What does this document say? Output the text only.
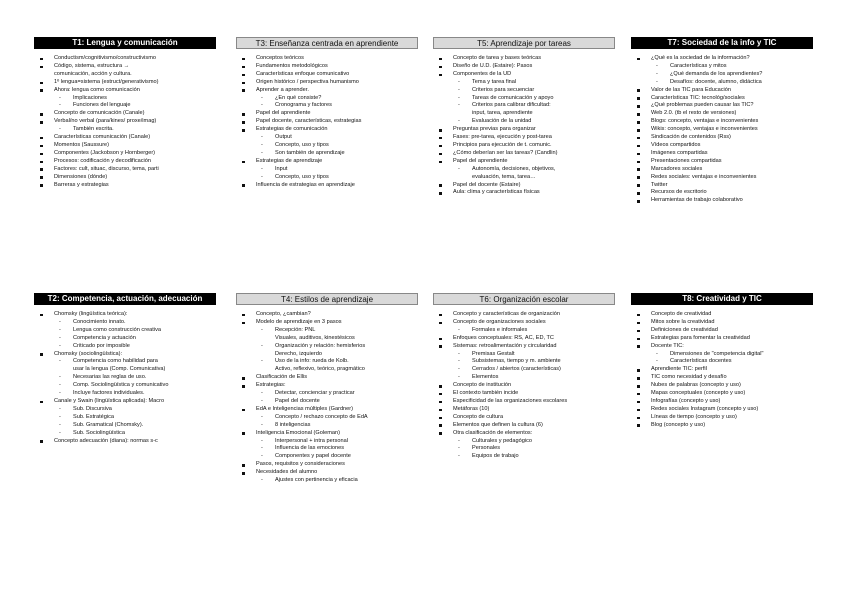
T1: Lengua y comunicación
Conductism/cognitivismo/constructivismo
Código, sistema, estructura →
comunicación, acción y cultura.
1º lengua=sistema (estruct/generativismo)
Ahora: lengua como comunicación
- Implicaciones
- Funciones del lenguaje
Concepto de comunicación (Canale)
Verbal/no verbal (para/kines/ proxe/imag)
- También escrita.
Características comunicación (Canale)
Momentos (Saussure)
Componentes (Jackobson y Hornberger)
Procesos: codificación y decodificación
Factores: cult, situac, discurso, tema, parti
Dimensiones (dónde)
Barreras y estrategias
T3: Enseñanza centrada en aprendiente
Conceptos teóricos
Fundamentos metodológicos
Características enfoque comunicativo
Origen histórico / perspectiva humanismo
Aprender a aprender.
- ¿En qué consiste?
- Cronograma y factores
Papel del aprendiente
Papel docente, características, estrategias
Estrategias de comunicación
- Output
- Concepto, uso y tipos
- Son también de aprendizaje
Estrategias de aprendizaje
- Input
- Concepto, uso y tipos
Influencia de estrategias en aprendizaje
T5: Aprendizaje por tareas
Concepto de tarea y bases teóricas
Diseño de U.D. (Estaire): Pasos
Componentes de la UD
- Tema y tarea final
- Criterios para secuenciar
- Tareas de comunicación y apoyo
- Criterios para calibrar dificultad:
input, tarea, aprendiente
- Evaluación de la unidad
Preguntas previas para organizar
Fases: pre-tarea, ejecución y post-tarea
Principios para ejecución de t. comunic.
¿Cómo deberían ser las tareas? (Candlin)
Papel del aprendiente
- Autonomía, decisiones, objetivos,
evaluación, tema, tarea…
Papel del docente (Estaire)
Aula: clima y características físicas
T7: Sociedad de la info y TIC
¿Qué es la sociedad de la información?
- Características y mitos
- ¿Qué demanda de los aprendientes?
- Desafíos: docente, alumno, didáctica
Valor de las TIC para Educación
Características TIC: tecnológ/sociales
¿Qué problemas pueden causar las TIC?
Web 2.0. (tb el resto de versiones)
Blogs: concepto, ventajas e inconvenientes
Wikis: concepto, ventajas e inconvenientes
Sindicación de contenidos (Rss)
Vídeos compartidos
Imágenes compartidas
Presentaciones compartidas
Marcadores sociales
Redes sociales: ventajas e inconvenientes
Twitter
Recursos de escritorio
Herramientas de trabajo colaborativo
T2: Competencia, actuación, adecuación
Chomsky (lingüística teórica):
- Conocimiento innato.
- Lengua como construcción creativa
- Competencia y actuación
- Criticado por imposible
Chomsky (sociolingüística):
- Competencia como habilidad para
usar la lengua (Comp. Comunicativa)
- Necesarias las reglas de uso.
- Comp. Sociolingüística y comunicativo
- Incluye factores individuales.
Canale y Swain (lingüística aplicada): Macro
- Sub. Discursiva
- Sub. Estratégica
- Sub. Gramatical (Chomsky).
- Sub. Sociolingüística
Concepto adecuación (diana): normas s-c
T4: Estilos de aprendizaje
Concepto, ¿cambian?
Modelo de aprendizaje en 3 pasos
- Recepción: PNL
Visuales, auditivos, kinestésicos
- Organización y relación: hemisferios
Derecho, izquierdo
- Uso de la info: rueda de Kolb.
Activo, reflexivo, teórico, pragmático
Clasificación de Ellis
Estrategias:
- Detectar, concienciar y practicar
- Papel del docente
EdA e Inteligencias múltiples (Gardner)
- Concepto / rechazo concepto de EdA
- 8 inteligencias
Inteligencia Emocional (Goleman)
- Interpersonal + intra personal
- Influencia de las emociones
- Componentes y papel docente
Pasos, requisitos y consideraciones
Necesidades del alumno
- Ajustes con pertinencia y eficacia
T6: Organización escolar
Concepto y características de organización
Concepto de organizaciones sociales
- Formales e informales
Enfoques conceptuales: RS, AC, ED, TC
Sistemas: retroalimentación y circularidad
- Premisas Gestalt
- Subsistemas, tiempo y m. ambiente
- Cerrados / abiertos (características)
- Elementos
Concepto de institución
El contexto también incide
Especificidad de las organizaciones escolares
Metáforas (10)
Concepto de cultura
Elementos que definen la cultura (6)
Otra clasificación de elementos:
- Culturales y pedagógico
- Personales
- Equipos de trabajo
T8: Creatividad y TIC
Concepto de creatividad
Mitos sobre la creatividad
Definiciones de creatividad
Estrategias para fomentar la creatividad
Docente TIC:
- Dimensiones de "competencia digital"
- Características docentes
Aprendiente TIC: perfil
TIC como necesidad y desafío
Nubes de palabras (concepto y uso)
Mapas conceptuales (concepto y uso)
Infografías (concepto y uso)
Redes sociales Instagram (concepto y uso)
Líneas de tiempo (concepto y uso)
Blog (concepto y uso)
